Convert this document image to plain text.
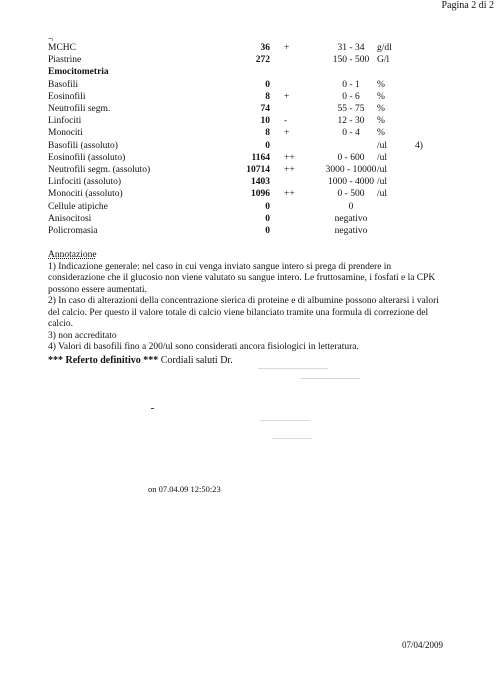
Pagina 2 di 2
¬
MCHC	36 +	31 - 34	g/dl
Piastrine	272	150 - 500 G/l
Emocitometria
Basofili	0	0 - 1	%
Eosinofili	8 +	0 - 6	%
Neutrofili segm.	74	55 - 75	%
Linfociti	10 -	12 - 30	%
Monociti	8 +	0 - 4	%
Basofili (assoluto)	0	/ul	4)
Eosinofili (assoluto)	1164 ++	0 - 600	/ul
Neutrofili segm. (assoluto)	10714 ++	3000 - 10000 /ul
Linfociti (assoluto)	1403	1000 - 4000 /ul
Monociti (assoluto)	1096 ++	0 - 500	/ul
Cellule atipiche	0	0
Anisocitosi	0	negativo
Policromasia	0	negativo

Annotazione

1) Indicazione generale: nel caso in cui venga inviato sangue intero si prega di prendere in considerazione che il glucosio non viene valutato su sangue intero. Le fruttosamine, i fosfati e la CPK possono essere aumentati.

2) In caso di alterazioni della concentrazione sierica di proteine e di albumine possono alterarsi i valori del calcio. Per questo il valore totale di calcio viene bilanciato tramite una formula di correzione del calcio.

3) non accreditato

4) Valori di basofili fino a 200/ul sono considerati ancora fisiologici in letteratura.

*** Referto definitivo *** Cordiali saluti Dr.
on 07.04.09 12:50:23
07/04/2009
